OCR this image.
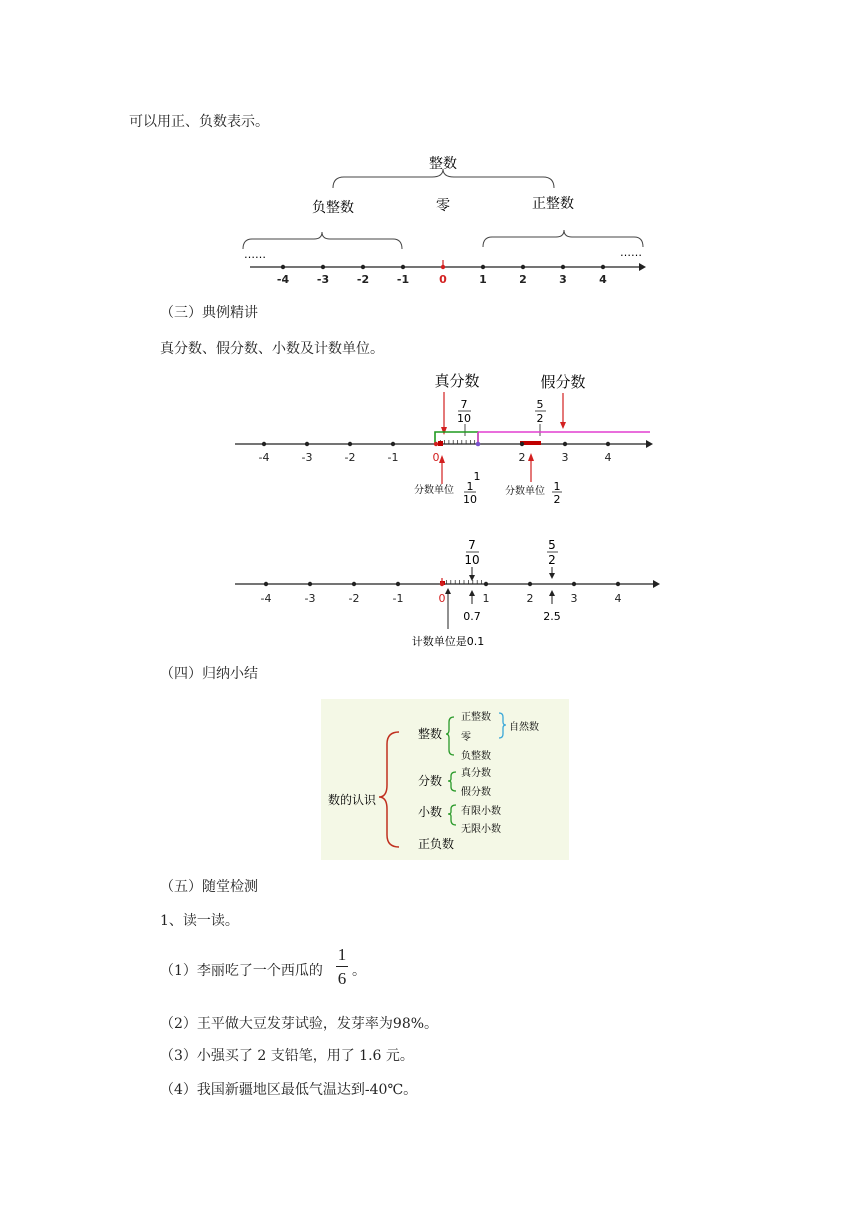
可以用正、负数表示。
整数
负整数	零	正整数
……	……
-4	-3	-2	-1	0	1	2	3	4
（三）典例精讲
真分数、假分数、小数及计数单位。
真分数	假分数
7
10
5
2
-4	-3	-2	-1	0	2	3	4
分数单位
1
1
10
分数单位 1
2
7
10
5
2
-4	-3	-2	-1	0	1	2	3	4
0.7	2.5
计数单位是0.1
（四）归纳小结
数的认识
整数
正整数
零
负整数
自然数
分数
真分数
假分数
小数 有限小数
无限小数
正负数
（五）随堂检测
1、读一读。
（1）李丽吃了一个西瓜的
1
6 。
（2）王平做大豆发芽试验，发芽率为98%。
（3）小强买了 2 支铅笔，用了 1.6 元。
（4）我国新疆地区最低气温达到-40℃。
